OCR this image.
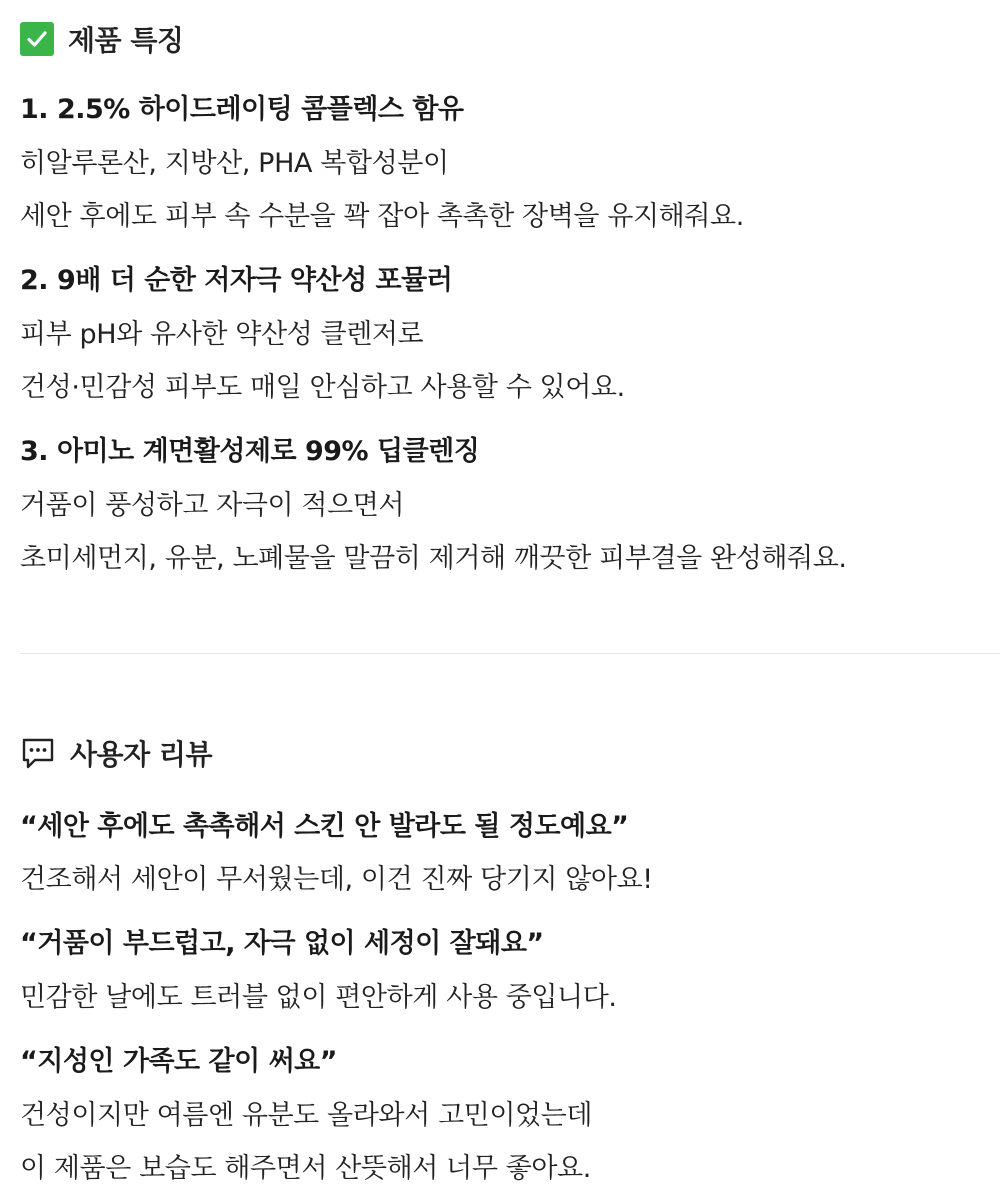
제품 특징
1. 2.5% 하이드레이팅 콤플렉스 함유
히알루론산, 지방산, PHA 복합성분이
세안 후에도 피부 속 수분을 꽉 잡아 촉촉한 장벽을 유지해줘요.
2. 9배 더 순한 저자극 약산성 포뮬러
피부 pH와 유사한 약산성 클렌저로
건성·민감성 피부도 매일 안심하고 사용할 수 있어요.
3. 아미노 계면활성제로 99% 딥클렌징
거품이 풍성하고 자극이 적으면서
초미세먼지, 유분, 노폐물을 말끔히 제거해 깨끗한 피부결을 완성해줘요.
사용자 리뷰
“세안 후에도 촉촉해서 스킨 안 발라도 될 정도예요”
건조해서 세안이 무서웠는데, 이건 진짜 당기지 않아요!
“거품이 부드럽고, 자극 없이 세정이 잘돼요”
민감한 날에도 트러블 없이 편안하게 사용 중입니다.
“지성인 가족도 같이 써요”
건성이지만 여름엔 유분도 올라와서 고민이었는데
이 제품은 보습도 해주면서 산뜻해서 너무 좋아요.
